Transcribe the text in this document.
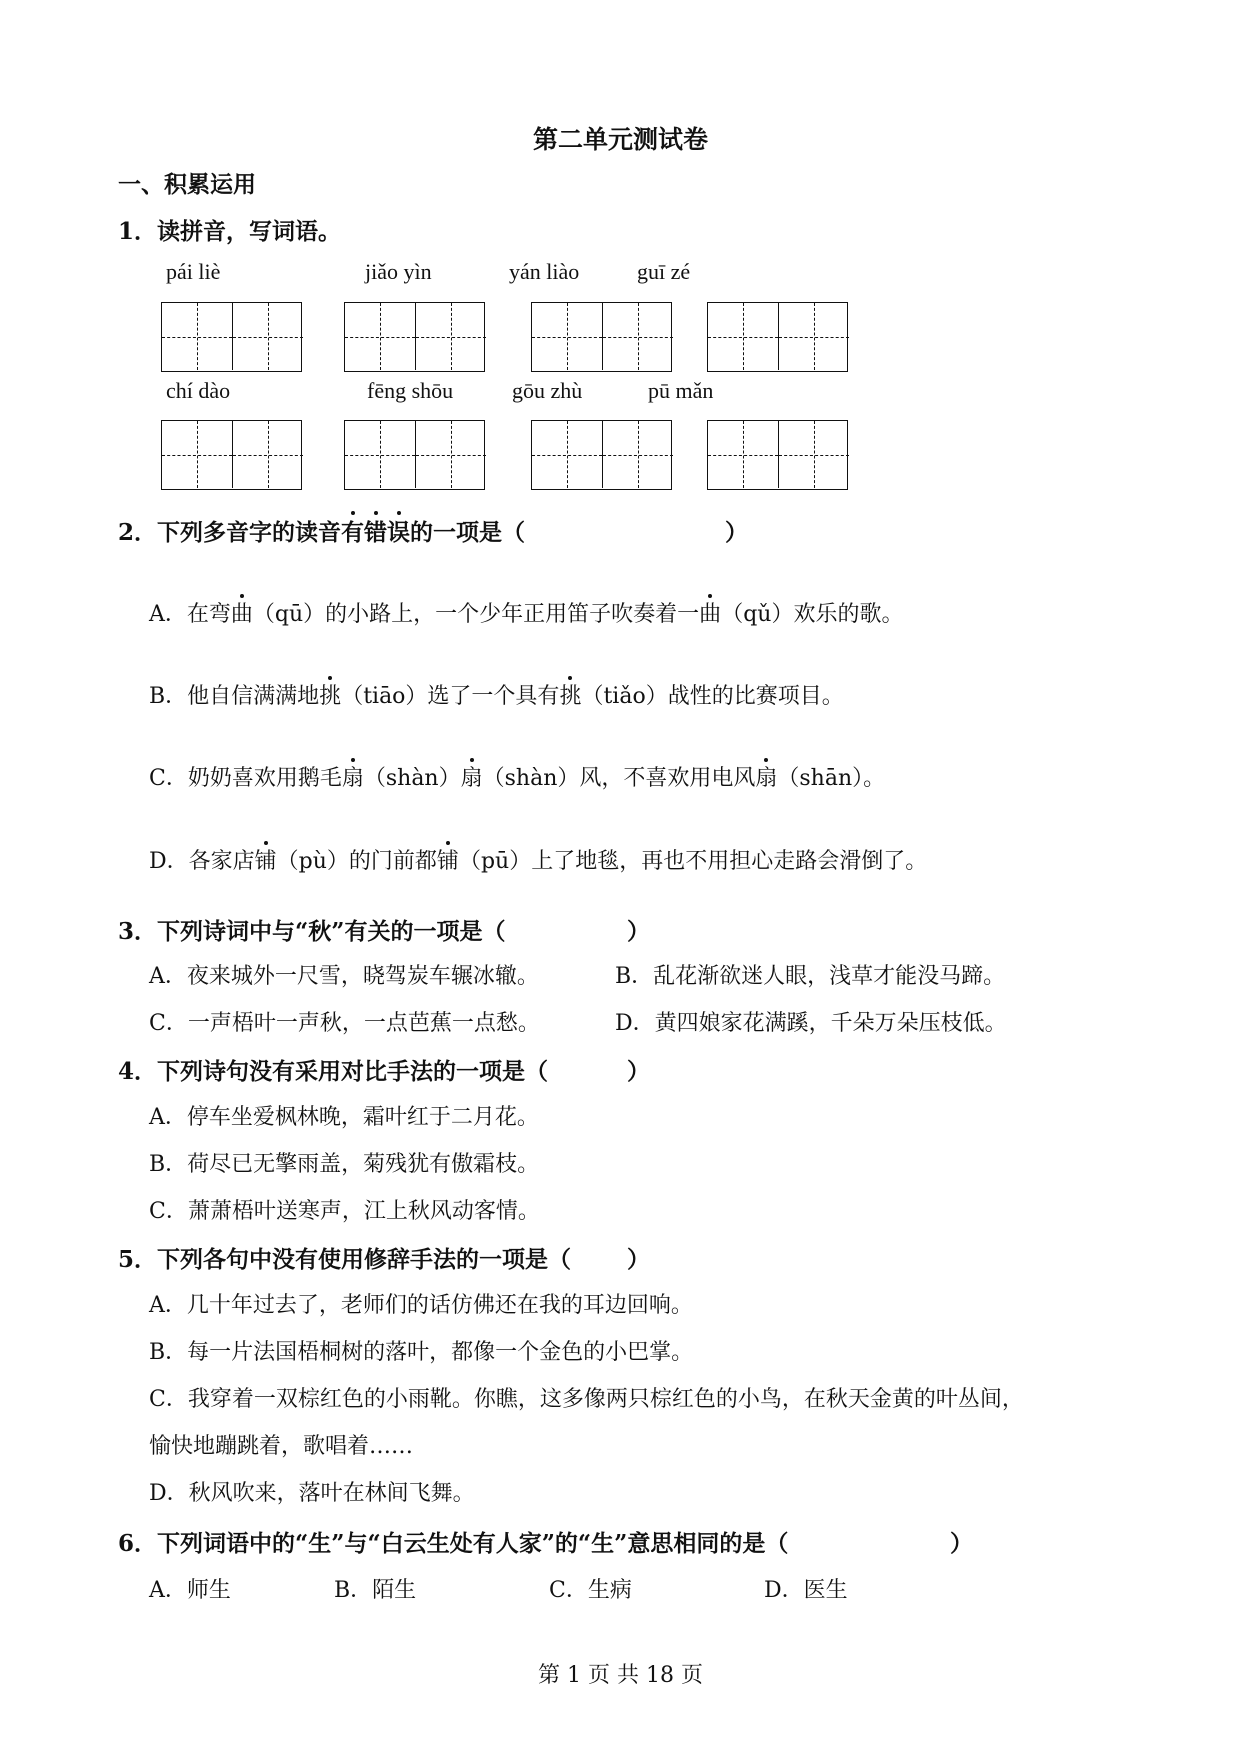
第二单元测试卷
一、积累运用
1．读拼音，写词语。
pái liè	jiǎo yìn	yán liào	guī zé
chí dào	fēng shōu	gōu zhù	pū mǎn
2．下列多音字的读音有错误的一项是（	）
A．在弯曲（qū）的小路上，一个少年正用笛子吹奏着一曲（qǔ）欢乐的歌。
B．他自信满满地挑（tiāo）选了一个具有挑（tiǎo）战性的比赛项目。
C．奶奶喜欢用鹅毛扇（shàn）扇（shàn）风，不喜欢用电风扇（shān）。
D．各家店铺（pù）的门前都铺（pū）上了地毯，再也不用担心走路会滑倒了。
3．下列诗词中与“秋”有关的一项是（	）
A．夜来城外一尺雪，晓驾炭车辗冰辙。	B．乱花渐欲迷人眼，浅草才能没马蹄。
C．一声梧叶一声秋，一点芭蕉一点愁。	D．黄四娘家花满蹊，千朵万朵压枝低。
4．下列诗句没有采用对比手法的一项是（	）
A．停车坐爱枫林晚，霜叶红于二月花。
B．荷尽已无擎雨盖，菊残犹有傲霜枝。
C．萧萧梧叶送寒声，江上秋风动客情。
5．下列各句中没有使用修辞手法的一项是（ ）
A．几十年过去了，老师们的话仿佛还在我的耳边回响。
B．每一片法国梧桐树的落叶，都像一个金色的小巴掌。
C．我穿着一双棕红色的小雨靴。你瞧，这多像两只棕红色的小鸟，在秋天金黄的叶丛间，
愉快地蹦跳着，歌唱着……
D．秋风吹来，落叶在林间飞舞。
6．下列词语中的“生”与“白云生处有人家”的“生”意思相同的是（	）
A．师生	B．陌生	C．生病	D．医生
第 1 页 共 18 页
